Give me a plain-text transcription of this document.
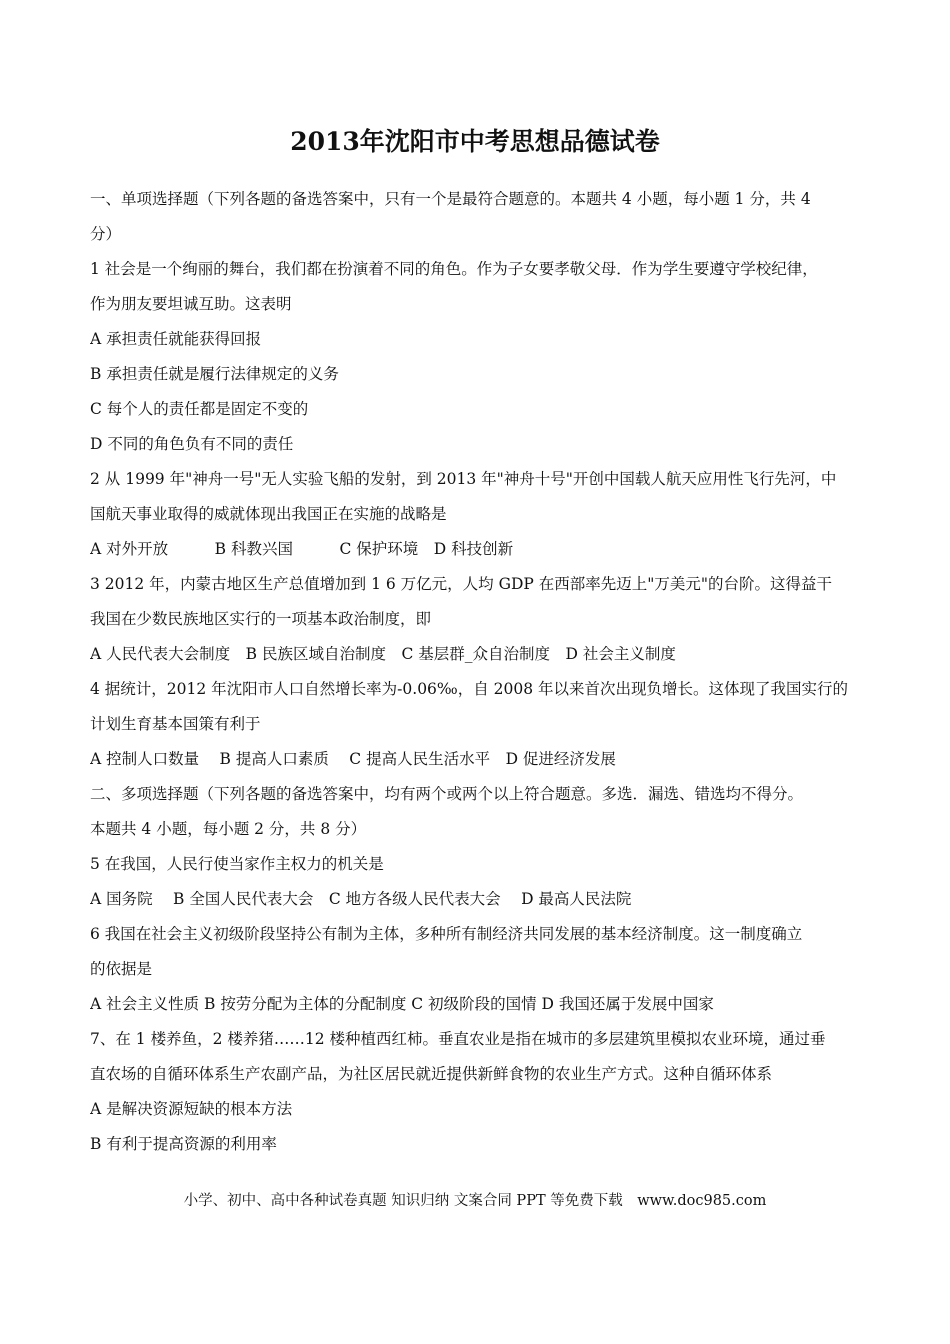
2013年沈阳市中考思想品德试卷
一、单项选择题（下列各题的备选答案中，只有一个是最符合题意的。本题共 4 小题，每小题 1 分，共 4
分）
1 社会是一个绚丽的舞台，我们都在扮演着不同的角色。作为子女要孝敬父母．作为学生要遵守学校纪律，
作为朋友要坦诚互助。这表明
A 承担责任就能获得回报
B 承担责任就是履行法律规定的义务
C 每个人的责任都是固定不变的
D 不同的角色负有不同的责任
2 从 1999 年"神舟一号"无人实验飞船的发射，到 2013 年"神舟十号"开创中国载人航天应用性飞行先河，中
国航天事业取得的威就体现出我国正在实施的战略是
A 对外开放　　　B 科教兴国　　　C 保护环境　D 科技创新
3 2012 年，内蒙古地区生产总值增加到 1 6 万亿元，人均 GDP 在西部率先迈上"万美元"的台阶。这得益干
我国在少数民族地区实行的一项基本政治制度，即
A 人民代表大会制度　B 民族区域自治制度　C 基层群_众自治制度　D 社会主义制度
4 据统计，2012 年沈阳市人口自然增长率为-0.06‰，自 2008 年以来首次出现负增长。这体现了我国实行的
计划生育基本国策有利于
A 控制人口数量　 B 提高人口素质　 C 提高人民生活水平　D 促进经济发展
二、多项选择题（下列各题的备选答案中，均有两个或两个以上符合题意。多选．漏选、错选均不得分。
本题共 4 小题，每小题 2 分，共 8 分）
5 在我国，人民行使当家作主权力的机关是
A 国务院　 B 全国人民代表大会　C 地方各级人民代表大会　 D 最高人民法院
6 我国在社会主义初级阶段坚持公有制为主体，多种所有制经济共同发展的基本经济制度。这一制度确立
的依据是
A 社会主义性质 B 按劳分配为主体的分配制度 C 初级阶段的国情 D 我国还属于发展中国家
7、在 1 楼养鱼，2 楼养猪……12 楼种植西红柿。垂直农业是指在城市的多层建筑里模拟农业环境，通过垂
直农场的自循环体系生产农副产品，为社区居民就近提供新鲜食物的农业生产方式。这种自循环体系
A 是解决资源短缺的根本方法
B 有利于提高资源的利用率
小学、初中、高中各种试卷真题 知识归纳 文案合同 PPT 等免费下载　www.doc985.com
